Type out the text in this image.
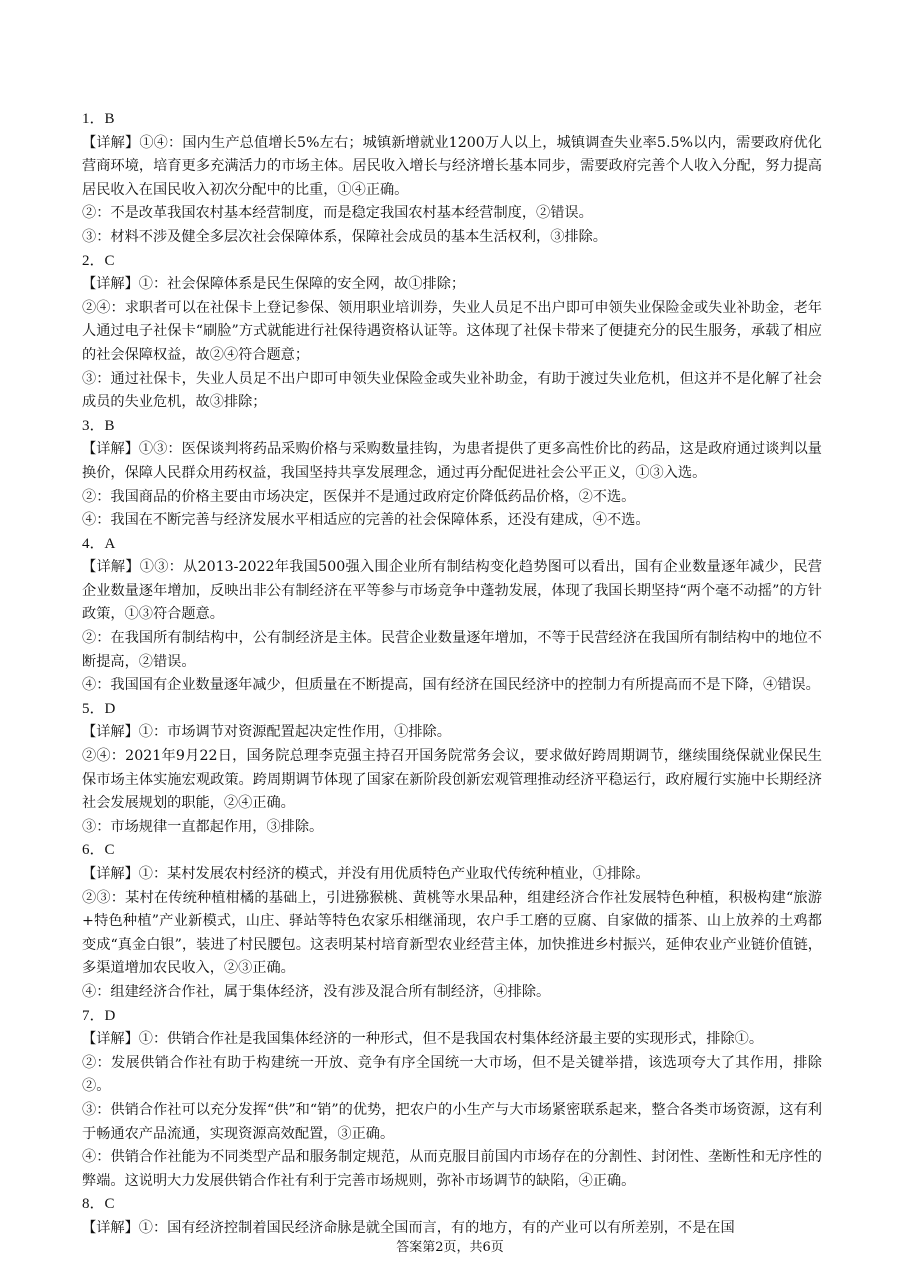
1．B
【详解】①④：国内生产总值增长5%左右；城镇新增就业1200万人以上，城镇调查失业率5.5%以内，需要政府优化营商环境，培育更多充满活力的市场主体。居民收入增长与经济增长基本同步，需要政府完善个人收入分配，努力提高居民收入在国民收入初次分配中的比重，①④正确。
②：不是改革我国农村基本经营制度，而是稳定我国农村基本经营制度，②错误。
③：材料不涉及健全多层次社会保障体系，保障社会成员的基本生活权利，③排除。
2．C
【详解】①：社会保障体系是民生保障的安全网，故①排除；
②④：求职者可以在社保卡上登记参保、领用职业培训券，失业人员足不出户即可申领失业保险金或失业补助金，老年人通过电子社保卡“刷脸”方式就能进行社保待遇资格认证等。这体现了社保卡带来了便捷充分的民生服务，承载了相应的社会保障权益，故②④符合题意；
③：通过社保卡，失业人员足不出户即可申领失业保险金或失业补助金，有助于渡过失业危机，但这并不是化解了社会成员的失业危机，故③排除；
3．B
【详解】①③：医保谈判将药品采购价格与采购数量挂钩，为患者提供了更多高性价比的药品，这是政府通过谈判以量换价，保障人民群众用药权益，我国坚持共享发展理念，通过再分配促进社会公平正义，①③入选。
②：我国商品的价格主要由市场决定，医保并不是通过政府定价降低药品价格，②不选。
④：我国在不断完善与经济发展水平相适应的完善的社会保障体系，还没有建成，④不选。
4．A
【详解】①③：从2013-2022年我国500强入围企业所有制结构变化趋势图可以看出，国有企业数量逐年减少，民营企业数量逐年增加，反映出非公有制经济在平等参与市场竞争中蓬勃发展，体现了我国长期坚持“两个毫不动摇”的方针政策，①③符合题意。
②：在我国所有制结构中，公有制经济是主体。民营企业数量逐年增加，不等于民营经济在我国所有制结构中的地位不断提高，②错误。
④：我国国有企业数量逐年减少，但质量在不断提高，国有经济在国民经济中的控制力有所提高而不是下降，④错误。
5．D
【详解】①：市场调节对资源配置起决定性作用，①排除。
②④：2021年9月22日，国务院总理李克强主持召开国务院常务会议，要求做好跨周期调节，继续围绕保就业保民生保市场主体实施宏观政策。跨周期调节体现了国家在新阶段创新宏观管理推动经济平稳运行，政府履行实施中长期经济社会发展规划的职能，②④正确。
③：市场规律一直都起作用，③排除。
6．C
【详解】①：某村发展农村经济的模式，并没有用优质特色产业取代传统种植业，①排除。
②③：某村在传统种植柑橘的基础上，引进猕猴桃、黄桃等水果品种，组建经济合作社发展特色种植，积极构建“旅游+特色种植”产业新模式，山庄、驿站等特色农家乐相继涌现，农户手工磨的豆腐、自家做的擂茶、山上放养的土鸡都变成“真金白银”，装进了村民腰包。这表明某村培育新型农业经营主体，加快推进乡村振兴，延伸农业产业链价值链，多渠道增加农民收入，②③正确。
④：组建经济合作社，属于集体经济，没有涉及混合所有制经济，④排除。
7．D
【详解】①：供销合作社是我国集体经济的一种形式，但不是我国农村集体经济最主要的实现形式，排除①。
②：发展供销合作社有助于构建统一开放、竞争有序全国统一大市场，但不是关键举措，该选项夸大了其作用，排除②。
③：供销合作社可以充分发挥“供”和“销”的优势，把农户的小生产与大市场紧密联系起来，整合各类市场资源，这有利于畅通农产品流通，实现资源高效配置，③正确。
④：供销合作社能为不同类型产品和服务制定规范，从而克服目前国内市场存在的分割性、封闭性、垄断性和无序性的弊端。这说明大力发展供销合作社有利于完善市场规则，弥补市场调节的缺陷，④正确。
8．C
【详解】①：国有经济控制着国民经济命脉是就全国而言，有的地方，有的产业可以有所差别，不是在国
答案第2页，共6页
